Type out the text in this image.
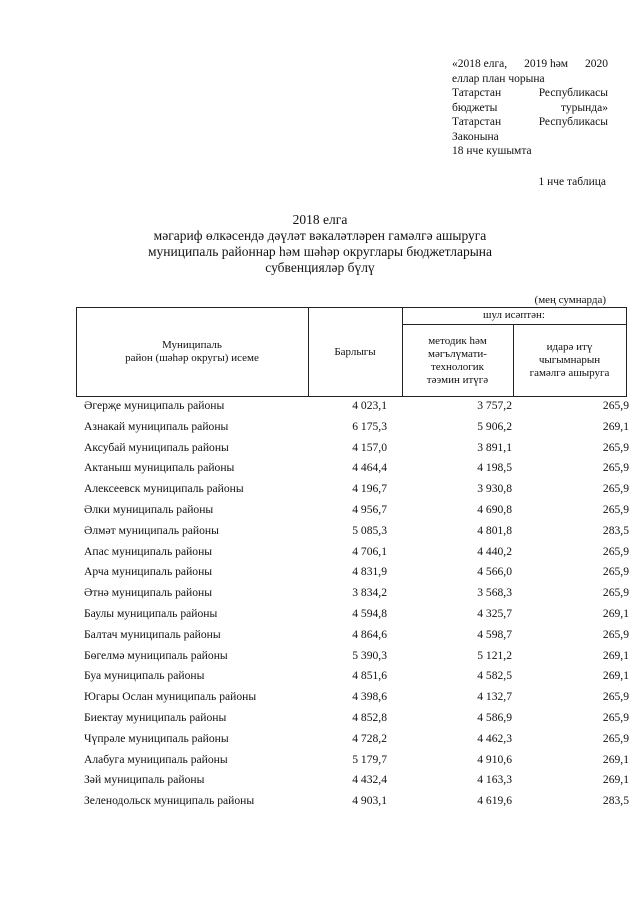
«2018 елга, 2019 һәм 2020
еллар план чорына
Татарстан	Республикасы
бюджеты	турында»
Татарстан	Республикасы
Законына
18 нче кушымта
1 нче таблица
2018 елга
мәгариф өлкәсендә дәүләт вәкаләтләрен гамәлгә ашыруга
муниципаль районнар һәм шәһәр округлары бюджетларына
субвенцияләр бүлү
(мең сумнарда)
Муниципаль
район (шәһәр округы) исеме
Барлыгы
шул исәптән:
методик һәм
мәгълүмати-
технологик
тәэмин итүгә
идарә итү
чыгымнарын
гамәлгә ашыруга
Әгерҗе муниципаль районы	4 023,1	3 757,2	265,9
Азнакай муниципаль районы	6 175,3	5 906,2	269,1
Аксубай муниципаль районы	4 157,0	3 891,1	265,9
Актаныш муниципаль районы	4 464,4	4 198,5	265,9
Алексеевск муниципаль районы	4 196,7	3 930,8	265,9
Әлки муниципаль районы	4 956,7	4 690,8	265,9
Әлмәт муниципаль районы	5 085,3	4 801,8	283,5
Апас муниципаль районы	4 706,1	4 440,2	265,9
Арча муниципаль районы	4 831,9	4 566,0	265,9
Әтнә муниципаль районы	3 834,2	3 568,3	265,9
Баулы муниципаль районы	4 594,8	4 325,7	269,1
Балтач муниципаль районы	4 864,6	4 598,7	265,9
Бөгелмә муниципаль районы	5 390,3	5 121,2	269,1
Буа муниципаль районы	4 851,6	4 582,5	269,1
Югары Ослан муниципаль районы	4 398,6	4 132,7	265,9
Биектау муниципаль районы	4 852,8	4 586,9	265,9
Чүпрәле муниципаль районы	4 728,2	4 462,3	265,9
Алабуга муниципаль районы	5 179,7	4 910,6	269,1
Зәй муниципаль районы	4 432,4	4 163,3	269,1
Зеленодольск муниципаль районы	4 903,1	4 619,6	283,5
